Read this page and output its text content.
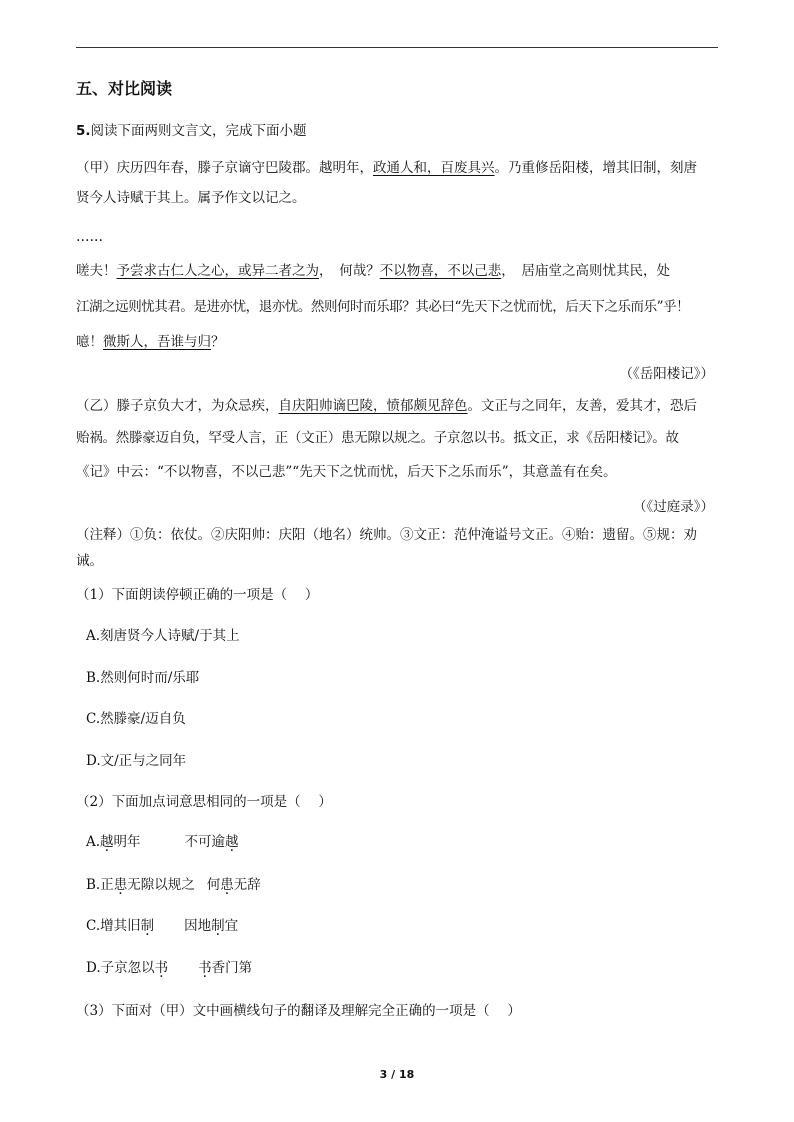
五、对比阅读
5.阅读下面两则文言文，完成下面小题
（甲）庆历四年春，滕子京谪守巴陵郡。越明年，政通人和，百废具兴。乃重修岳阳楼，增其旧制，刻唐
贤今人诗赋于其上。属予作文以记之。
……
嗟夫！予尝求古仁人之心，或异二者之为，　何哉？不以物喜，不以己悲，　居庙堂之高则忧其民，处
江湖之远则忧其君。是进亦忧，退亦忧。然则何时而乐耶？其必曰“先天下之忧而忧，后天下之乐而乐”乎！
噫！微斯人，吾谁与归？
（《岳阳楼记》）
（乙）滕子京负大才，为众忌疾，自庆阳帅谪巴陵，愤郁颇见辞色。文正与之同年，友善，爱其才，恐后
贻祸。然滕豪迈自负，罕受人言，正（文正）患无隙以规之。子京忽以书。抵文正，求《岳阳楼记》。故
《记》中云：“不以物喜，不以己悲”“先天下之忧而忧，后天下之乐而乐”，其意盖有在矣。
（《过庭录》）
（注释）①负：依仗。②庆阳帅：庆阳（地名）统帅。③文正：范仲淹谥号文正。④贻：遗留。⑤规：劝
诫。
（1）下面朗读停顿正确的一项是（　 ）
A.刻唐贤今人诗赋/于其上
B.然则何时而/乐耶
C.然滕豪/迈自负
D.文/正与之同年
（2）下面加点词意思相同的一项是（　 ）
A.越明年	不可逾越
B.正患无隙以规之 何患无辞
C.增其旧制 因地制宜
D.子京忽以书 书香门第
（3）下面对（甲）文中画横线句子的翻译及理解完全正确的一项是（　 ）
3 / 18
